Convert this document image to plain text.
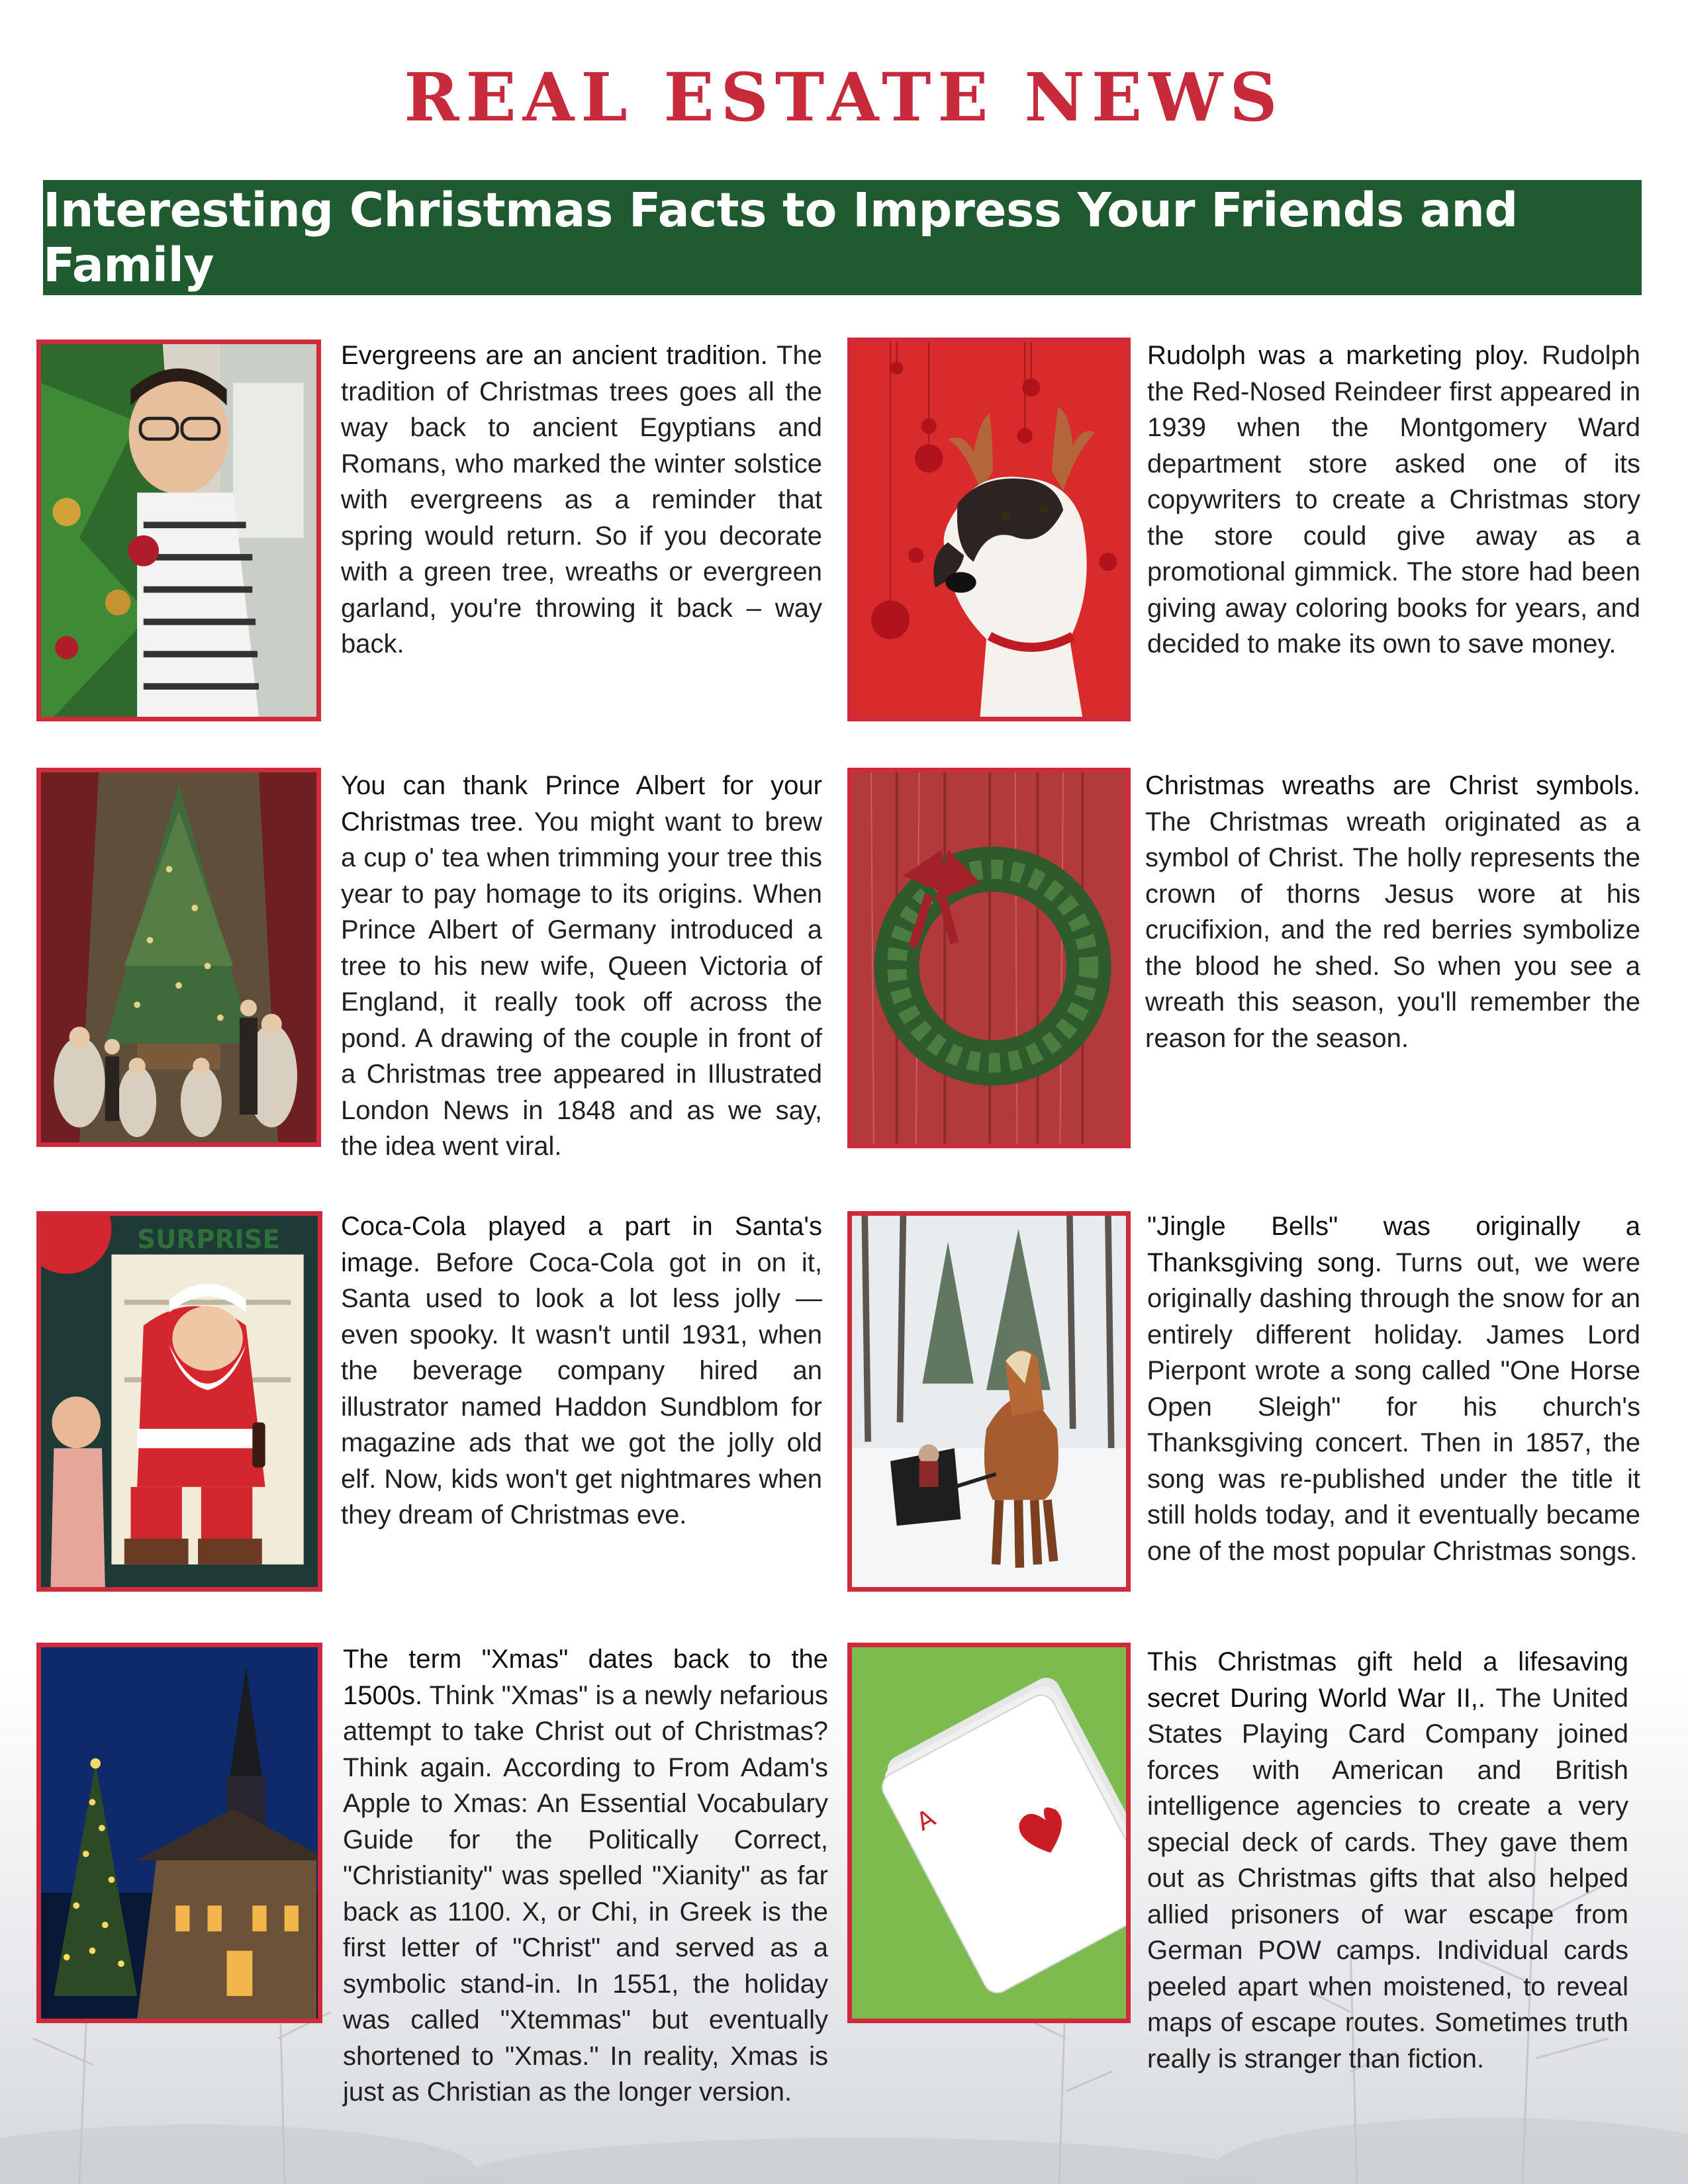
REAL ESTATE NEWS
Interesting Christmas Facts to Impress Your Friends and Family

Evergreens are an ancient tradition. The tradition of Christmas trees goes all the way back to ancient Egyptians and Romans, who marked the winter solstice with evergreens as a reminder that spring would return. So if you decorate with a green tree, wreaths or evergreen garland, you're throwing it back – way back.

Rudolph was a marketing ploy. Rudolph the Red-Nosed Reindeer first appeared in 1939 when the Montgomery Ward department store asked one of its copywriters to create a Christmas story the store could give away as a promotional gimmick. The store had been giving away coloring books for years, and decided to make its own to save money.

You can thank Prince Albert for your Christmas tree. You might want to brew a cup o' tea when trimming your tree this year to pay homage to its origins. When Prince Albert of Germany introduced a tree to his new wife, Queen Victoria of England, it really took off across the pond. A drawing of the couple in front of a Christmas tree appeared in Illustrated London News in 1848 and as we say, the idea went viral.

Christmas wreaths are Christ symbols. The Christmas wreath originated as a symbol of Christ. The holly represents the crown of thorns Jesus wore at his crucifixion, and the red berries symbolize the blood he shed. So when you see a wreath this season, you'll remember the reason for the season.

SURPRISE Coca-Cola played a part in Santa's image. Before Coca-Cola got in on it, Santa used to look a lot less jolly — even spooky. It wasn't until 1931, when the beverage company hired an illustrator named Haddon Sundblom for magazine ads that we got the jolly old elf. Now, kids won't get nightmares when they dream of Christmas eve.

"Jingle Bells" was originally a Thanksgiving song. Turns out, we were originally dashing through the snow for an entirely different holiday. James Lord Pierpont wrote a song called "One Horse Open Sleigh" for his church's Thanksgiving concert. Then in 1857, the song was re-published under the title it still holds today, and it eventually became one of the most popular Christmas songs.

The term "Xmas" dates back to the 1500s. Think "Xmas" is a newly nefarious attempt to take Christ out of Christmas? Think again. According to From Adam's Apple to Xmas: An Essential Vocabulary Guide for the Politically Correct, "Christianity" was spelled "Xianity" as far back as 1100. X, or Chi, in Greek is the first letter of "Christ" and served as a symbolic stand-in. In 1551, the holiday was called "Xtemmas" but eventually shortened to "Xmas." In reality, Xmas is just as Christian as the longer version.

A

This Christmas gift held a lifesaving secret During World War II,. The United States Playing Card Company joined forces with American and British intelligence agencies to create a very special deck of cards. They gave them out as Christmas gifts that also helped allied prisoners of war escape from German POW camps. Individual cards peeled apart when moistened, to reveal maps of escape routes. Sometimes truth really is stranger than fiction.
